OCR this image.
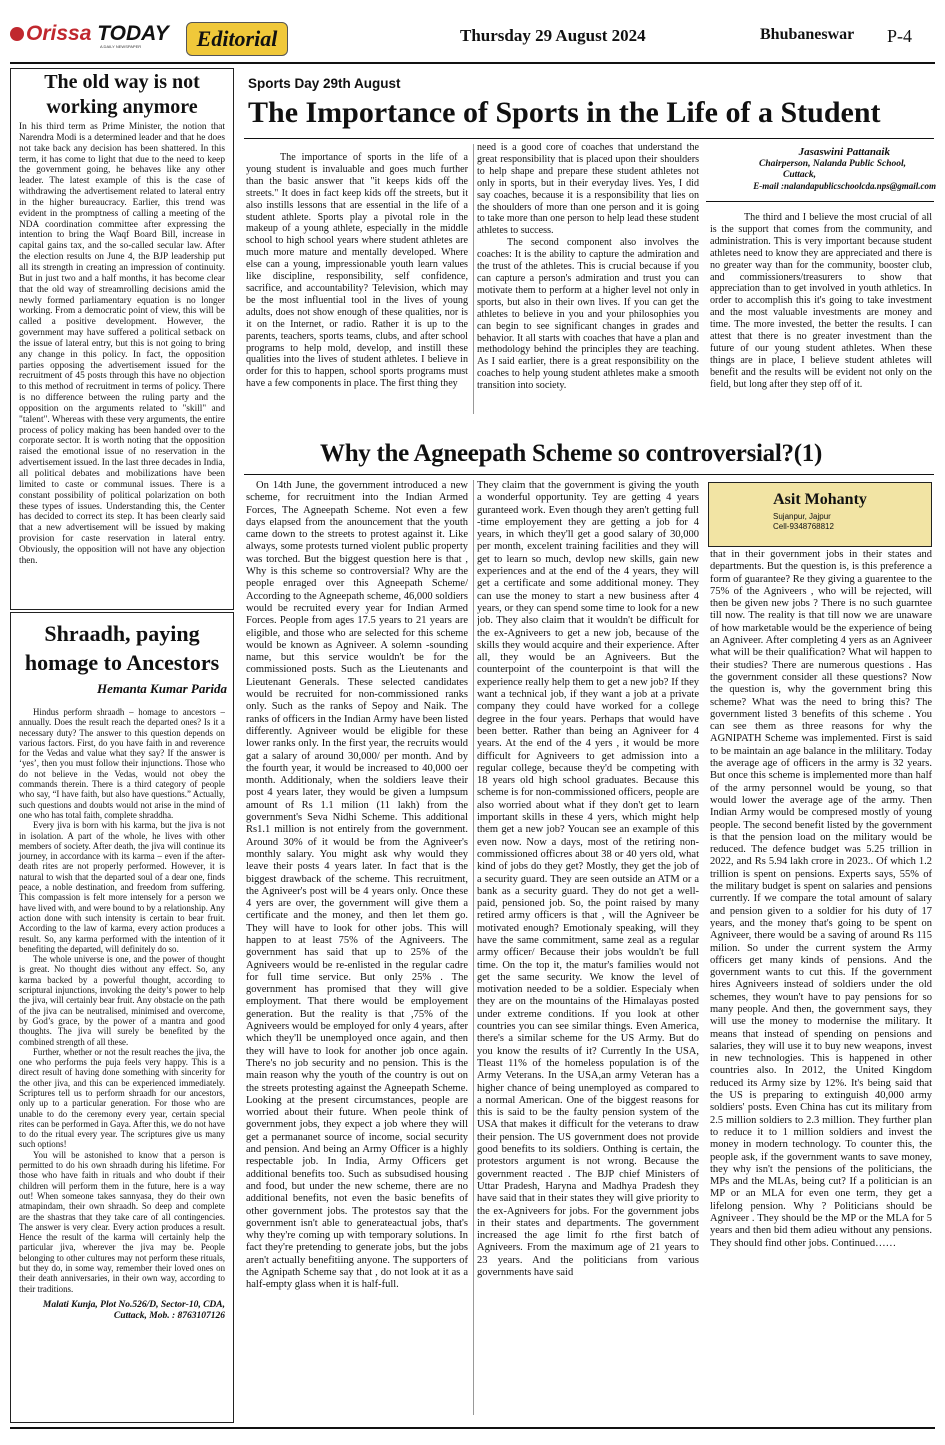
Orissa TODAY
A DAILY NEWSPAPER	Editorial	Thursday 29 August 2024	Bhubaneswar P-4
The old way is not working anymore
In his third term as Prime Minister, the notion that Narendra Modi is a determined leader and that he does not take back any decision has been shattered. In this term, it has come to light that due to the need to keep the government going, he behaves like any other leader. The latest example of this is the case of withdrawing the advertisement related to lateral entry in the higher bureaucracy. Earlier, this trend was evident in the promptness of calling a meeting of the NDA coordination committee after expressing the intention to bring the Waqf Board Bill, increase in capital gains tax, and the so-called secular law. After the election results on June 4, the BJP leadership put all its strength in creating an impression of continuity. But in just two and a half months, it has become clear that the old way of streamrolling decisions amid the newly formed parliamentary equation is no longer working. From a democratic point of view, this will be called a positive development. However, the government may have suffered a political setback on the issue of lateral entry, but this is not going to bring any change in this policy. In fact, the opposition parties opposing the advertisement issued for the recruitment of 45 posts through this have no objection to this method of recruitment in terms of policy. There is no difference between the ruling party and the opposition on the arguments related to "skill" and "talent". Whereas with these very arguments, the entire process of policy making has been handed over to the corporate sector. It is worth noting that the opposition raised the emotional issue of no reservation in the advertisement issued. In the last three decades in India, all political debates and mobilizations have been limited to caste or communal issues. There is a constant possibility of political polarization on both these types of issues. Understanding this, the Center has decided to correct its step. It has been clearly said that a new advertisement will be issued by making provision for caste reservation in lateral entry. Obviously, the opposition will not have any objection then.
Shraadh, paying homage to Ancestors
Hemanta Kumar Parida

Hindus perform shraadh – homage to ancestors – annually. Does the result reach the departed ones? Is it a necessary duty? The answer to this question depends on various factors. First, do you have faith in and reverence for the Vedas and value what they say? If the answer is ‘yes’, then you must follow their injunctions. Those who do not believe in the Vedas, would not obey the commands therein. There is a third category of people who say, “I have faith, but also have questions.” Actually, such questions and doubts would not arise in the mind of one who has total faith, complete shraddha.

Every jiva is born with his karma, but the jiva is not in isolation. A part of the whole, he lives with other members of society. After death, the jiva will continue its journey, in accordance with its karma – even if the after-death rites are not properly performed. However, it is natural to wish that the departed soul of a dear one, finds peace, a noble destination, and freedom from suffering. This compassion is felt more intensely for a person we have lived with, and were bound to by a relationship. Any action done with such intensity is certain to bear fruit. According to the law of karma, every action produces a result. So, any karma performed with the intention of it benefiting the departed, will definitely do so.

The whole universe is one, and the power of thought is great. No thought dies without any effect. So, any karma backed by a powerful thought, according to scriptural injunctions, invoking the deity’s power to help the jiva, will certainly bear fruit. Any obstacle on the path of the jiva can be neutralised, minimised and overcome, by God’s grace, by the power of a mantra and good thoughts. The jiva will surely be benefited by the combined strength of all these.

Further, whether or not the result reaches the jiva, the one who performs the puja feels very happy. This is a direct result of having done something with sincerity for the other jiva, and this can be experienced immediately. Scriptures tell us to perform shraadh for our ancestors, only up to a particular generation. For those who are unable to do the ceremony every year, certain special rites can be performed in Gaya. After this, we do not have to do the ritual every year. The scriptures give us many such options!

You will be astonished to know that a person is permitted to do his own shraadh during his lifetime. For those who have faith in rituals and who doubt if their children will perform them in the future, here is a way out! When someone takes sannyasa, they do their own atmapindam, their own shraadh. So deep and complete are the shastras that they take care of all contingencies. The answer is very clear. Every action produces a result. Hence the result of the karma will certainly help the particular jiva, wherever the jiva may be. People belonging to other cultures may not perform these rituals, but they do, in some way, remember their loved ones on their death anniversaries, in their own way, according to their traditions.

Malati Kunja, Plot No.526/D, Sector-10, CDA,
Cuttack, Mob. : 8763107126
Sports Day 29th August
The Importance of Sports in the Life of a Student

The importance of sports in the life of a young student is invaluable and goes much further than the basic answer that "it keeps kids off the streets." It does in fact keep kids off the streets, but it also instills lessons that are essential in the life of a student athlete. Sports play a pivotal role in the makeup of a young athlete, especially in the middle school to high school years where student athletes are much more mature and mentally developed. Where else can a young, impressionable youth learn values like discipline, responsibility, self confidence, sacrifice, and accountability? Television, which may be the most influential tool in the lives of young adults, does not show enough of these qualities, nor is it on the Internet, or radio. Rather it is up to the parents, teachers, sports teams, clubs, and after school programs to help mold, develop, and instill these qualities into the lives of student athletes. I believe in order for this to happen, school sports programs must have a few components in place. The first thing they

need is a good core of coaches that understand the great responsibility that is placed upon their shoulders to help shape and prepare these student athletes not only in sports, but in their everyday lives. Yes, I did say coaches, because it is a responsibility that lies on the shoulders of more than one person and it is going to take more than one person to help lead these student athletes to success.

The second component also involves the coaches: It is the ability to capture the admiration and the trust of the athletes. This is crucial because if you can capture a person's admiration and trust you can motivate them to perform at a higher level not only in sports, but also in their own lives. If you can get the athletes to believe in you and your philosophies you can begin to see significant changes in grades and behavior. It all starts with coaches that have a plan and methodology behind the principles they are teaching. As I said earlier, there is a great responsibility on the coaches to help young student athletes make a smooth transition into society.

Jasaswini Pattanaik
Chairperson, Nalanda Public School,
Cuttack,
E-mail :nalandapublicschoolcda.nps@gmail.com

The third and I believe the most crucial of all is the support that comes from the community, and administration. This is very important because student athletes need to know they are appreciated and there is no greater way than for the community, booster club, and commissioners/treasurers to show that appreciation than to get involved in youth athletics. In order to accomplish this it's going to take investment and the most valuable investments are money and time. The more invested, the better the results. I can attest that there is no greater investment than the future of our young student athletes. When these things are in place, I believe student athletes will benefit and the results will be evident not only on the field, but long after they step off of it.

Why the Agneepath Scheme so controversial?(1)

On 14th June, the government introduced a new scheme, for recruitment into the Indian Armed Forces, The Agneepath Scheme. Not even a few days elapsed from the anouncement that the youth came down to the streets to protest against it. Like always, some protests turned violent public property was torched. But the biggest question here is that , Why is this scheme so controversial? Why are the people enraged over this Agneepath Scheme/ According to the Agneepath scheme, 46,000 soldiers would be recruited every year for Indian Armed Forces. People from ages 17.5 years to 21 years are eligible, and those who are selected for this scheme would be known as Agniveer. A solemn -sounding name, but this service wouldn't be for the commissioned posts. Such as the Lieutenants and Lieutenant Generals. These selected candidates would be recruited for non-commissioned ranks only. Such as the ranks of Sepoy and Naik. The ranks of officers in the Indian Army have been listed differently. Agniveer would be eligible for these lower ranks only. In the first year, the recruits would gat a salary of around 30,000/ per month. And by the fourth year, it would be increased to 40,000 oer month. Additionaly, when the soldiers leave their post 4 years later, they would be given a lumpsum amount of Rs 1.1 milion (11 lakh) from the government's Seva Nidhi Scheme. This additional Rs1.1 million is not entirely from the government. Around 30% of it would be from the Agniveer's monthly salary. You might ask why would they leave their posts 4 years later. In fact that is the biggest drawback of the scheme. This recruitment, the Agniveer's post will be 4 years only. Once these 4 yers are over, the government will give them a certificate and the money, and then let them go. They will have to look for other jobs. This will happen to at least 75% of the Agniveers. The government has said that up to 25% of the Agniveers would be re-enlisted in the regular cadre for full time service. But only 25% . The government has promised that they will give employment. That there would be employement generation. But the reality is that ,75% of the Agniveers would be employed for only 4 years, after which they'll be unemployed once again, and then they will have to look for another job once again. There's no job security and no pension. This is the main reason why the youth of the country is out on the streets protesting against the Agneepath Scheme. Looking at the present circumstances, people are worried about their future. When peole think of government jobs, they expect a job where they will get a permananet source of income, social security and pension. And being an Army Officer is a highly respectable job. In India, Army Officers get additional benefits too. Such as subsudised housing and food, but under the new scheme, there are no additional benefits, not even the basic benefits of other government jobs. The protestos say that the government isn't able to generateactual jobs, that's why they're coming up with temporary solutions. In fact they're pretending to generate jobs, but the jobs aren't actually benefitiing anyone. The supporters of the Agnipath Scheme say that , do not look at it as a half-empty glass when it is half-full.

They claim that the government is giving the youth a wonderful opportunity. Tey are getting 4 years guranteed work. Even though they aren't getting full -time employement they are getting a job for 4 years, in which they'll get a good salary of 30,000 per month, excelent training facilities and they will get to learn so much, devlop new skills, gain new experiences and at the end of the 4 years, they will get a certificate and some additional money. They can use the money to start a new business after 4 years, or they can spend some time to look for a new job. They also claim that it wouldn't be difficult for the ex-Agniveers to get a new job, because of the skills they would acquire and their experience. After all, they would be an Agniveers. But the counterpoint of the counterpoint is that will the experience really help them to get a new job? If they want a technical job, if they want a job at a private company they could have worked for a college degree in the four years. Perhaps that would have been better. Rather than being an Agniveer for 4 years. At the end of the 4 yers , it would be more difficult for Agniveers to get admission into a regular college, because they'd be competing with 18 years old high school graduates. Because this scheme is for non-commissioned officers, people are also worried about what if they don't get to learn important skills in these 4 yers, which might help them get a new job? Youcan see an example of this even now. Now a days, most of the retiring non-commissioned officres about 38 or 40 yers old, what kind of jobs do they get? Mostly, they get the job of a security guard. They are seen outside an ATM or a bank as a security guard. They do not get a well-paid, pensioned job. So, the point raised by many retired army officers is that , will the Agniveer be motivated enough? Emotionaly speaking, will they have the same commitment, same zeal as a regular army officer/ Because their jobs wouldn't be full time. On the top it, the matur's families would not get the same security. We know the level of motivation needed to be a soldier. Especialy when they are on the mountains of the Himalayas posted under extreme conditions. If you look at other countries you can see similar things. Even America, there's a similar scheme for the US Army. But do you know the results of it? Currently In the USA, Tleast 11% of the homeless population is of the Army Veterans. In the USA,an army Veteran has a higher chance of being unemployed as compared to a normal American. One of the biggest reasons for this is said to be the faulty pension system of the USA that makes it difficult for the veterans to draw their pension. The US government does not provide good benefits to its soldiers. Onthing is certain, the protestors argument is not wrong. Because the government reacted . The BJP chief Ministers of Uttar Pradesh, Haryna and Madhya Pradesh they have said that in their states they will give priority to the ex-Agniveers for jobs. For the government jobs in their states and departments. The government increased the age limit fo rthe first batch of Agniveers. From the maximum age of 21 years to 23 years. And the politicians from various governments have said

Asit Mohanty
Sujanpur, Jajpur
Cell-9348768812

that in their government jobs in their states and departments. But the question is, is this preference a form of guarantee? Re they giving a guarentee to the 75% of the Agniveers , who will be rejected, will then be given new jobs ? There is no such guarntee till now. The reality is that till now we are unaware of how marketable would be the experience of being an Agniveer. After completing 4 yers as an Agniveer what will be their qualification? What wil happen to their studies? There are numerous questions . Has the government consider all these questions? Now the question is, why the government bring this scheme? What was the need to bring this? The government listed 3 benefits of this scheme . You can see them as three reasons for why the AGNIPATH Scheme was implemented. First is said to be maintain an age balance in the mlilitary. Today the average age of officers in the army is 32 years. But once this scheme is implemented more than half of the army personnel would be young, so that would lower the average age of the army. Then Indian Army would be compresed mostly of young people. The second benefit listed by the government is that the pension load on the military would be reduced. The defence budget was 5.25 trillion in 2022, and Rs 5.94 lakh crore in 2023.. Of which 1.2 trillion is spent on pensions. Experts says, 55% of the military budget is spent on salaries and pensions currently. If we compare the total amount of salary and pension given to a soldier for his duty of 17 years, and the money that's going to be spent on Agniveer, there would be a saving of around Rs 115 milion. So under the current system the Army officers get many kinds of pensions. And the government wants to cut this. If the government hires Agniveers instead of soldiers under the old schemes, they woun't have to pay pensions for so many people. And then, the government says, they will use the money to modernise the military. It means that instead of spending on pensions and salaries, they will use it to buy new weapons, invest in new technologies. This is happened in other countries also. In 2012, the United Kingdom reduced its Army size by 12%. It's being said that the US is preparing to extinguish 40,000 army soldiers' posts. Even China has cut its military from 2.5 million soldiers to 2.3 million. They further plan to reduce it to 1 million soldiers and invest the money in modern technology. To counter this, the people ask, if the government wants to save money, they why isn't the pensions of the politicians, the MPs and the MLAs, being cut? If a politician is an MP or an MLA for even one term, they get a lifelong pension. Why ? Politicians should be Agniveer . They should be the MP or the MLA for 5 years and then bid them adieu without any pensions. They should find other jobs. Continued……
